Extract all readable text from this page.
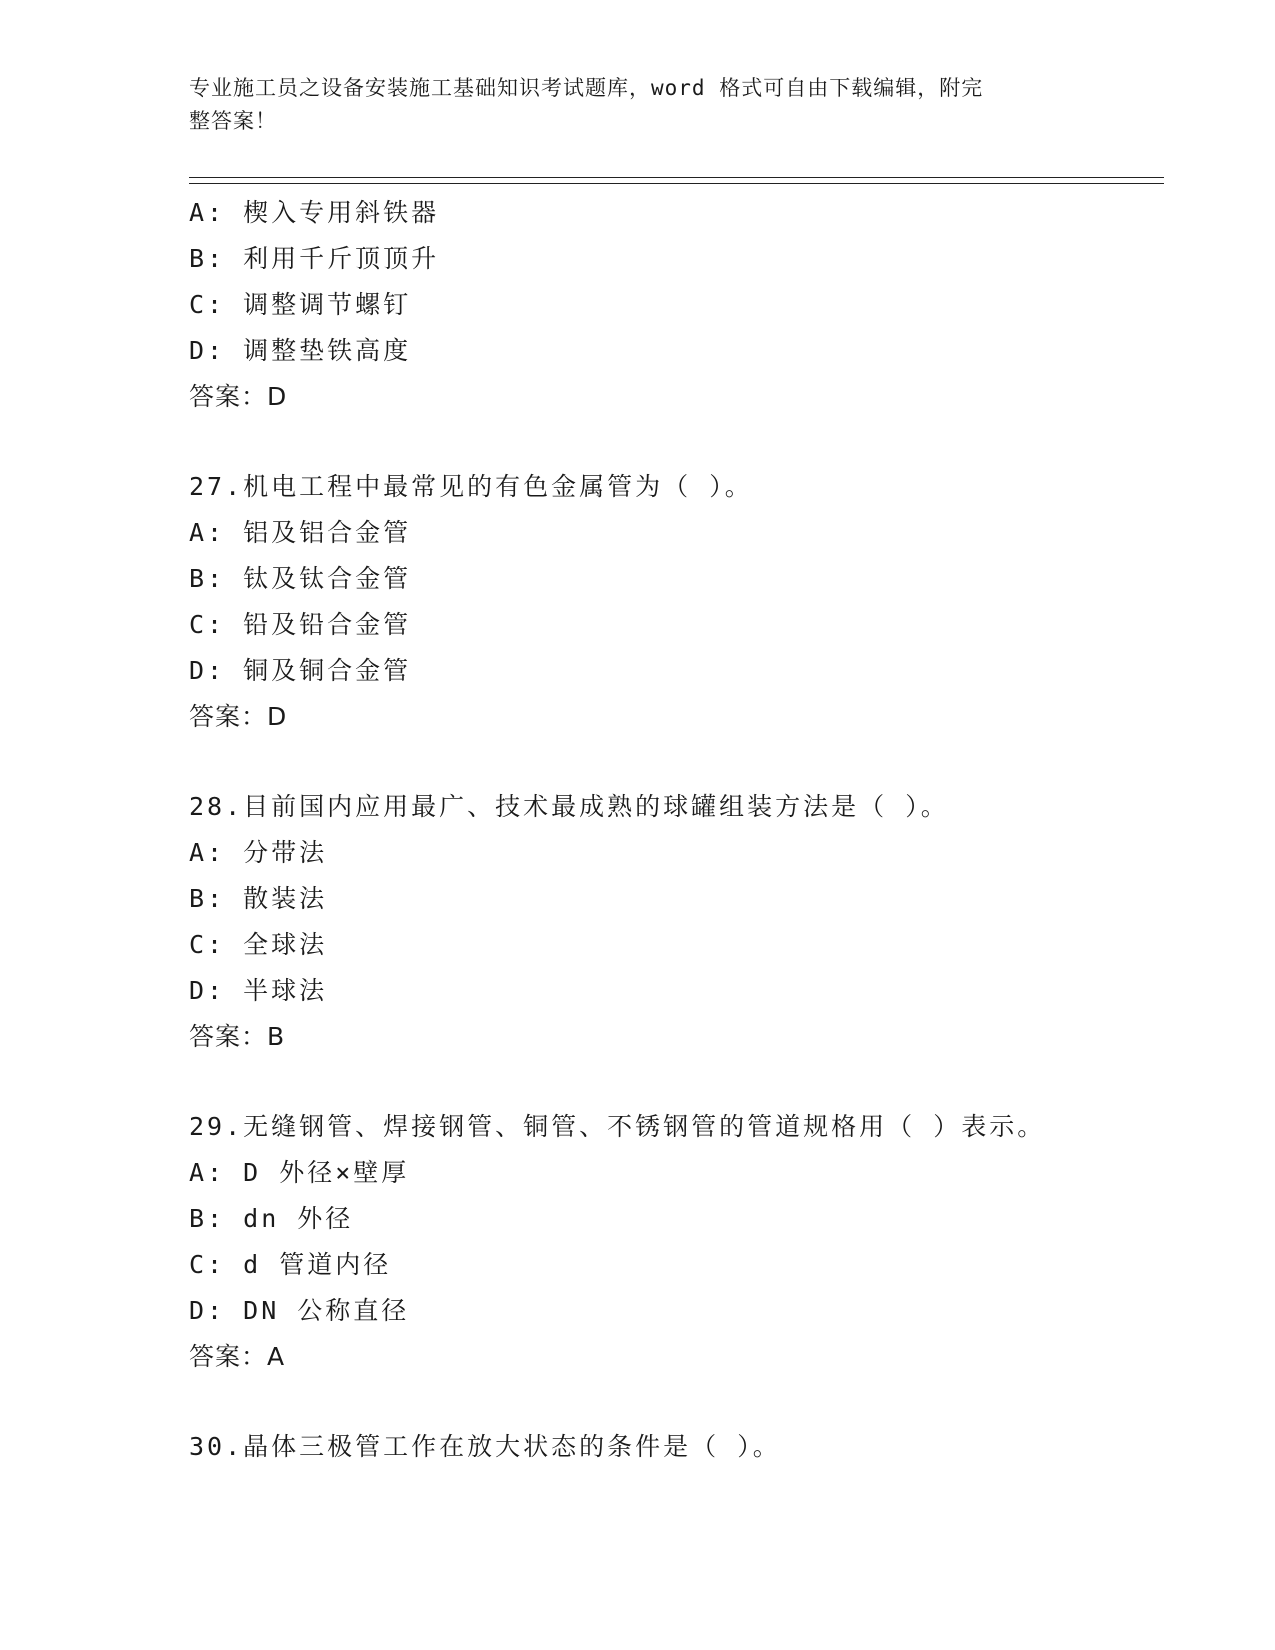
专业施工员之设备安装施工基础知识考试题库，word 格式可自由下载编辑，附完
整答案！
A: 楔入专用斜铁器
B: 利用千斤顶顶升
C: 调整调节螺钉
D: 调整垫铁高度
答案：D
27.机电工程中最常见的有色金属管为（ ）。
A: 铝及铝合金管
B: 钛及钛合金管
C: 铅及铅合金管
D: 铜及铜合金管
答案：D
28.目前国内应用最广、技术最成熟的球罐组装方法是（ ）。
A: 分带法
B: 散装法
C: 全球法
D: 半球法
答案：B
29.无缝钢管、焊接钢管、铜管、不锈钢管的管道规格用（ ）表示。
A: D 外径×壁厚
B: dn 外径
C: d 管道内径
D: DN 公称直径
答案：A
30.晶体三极管工作在放大状态的条件是（ ）。
